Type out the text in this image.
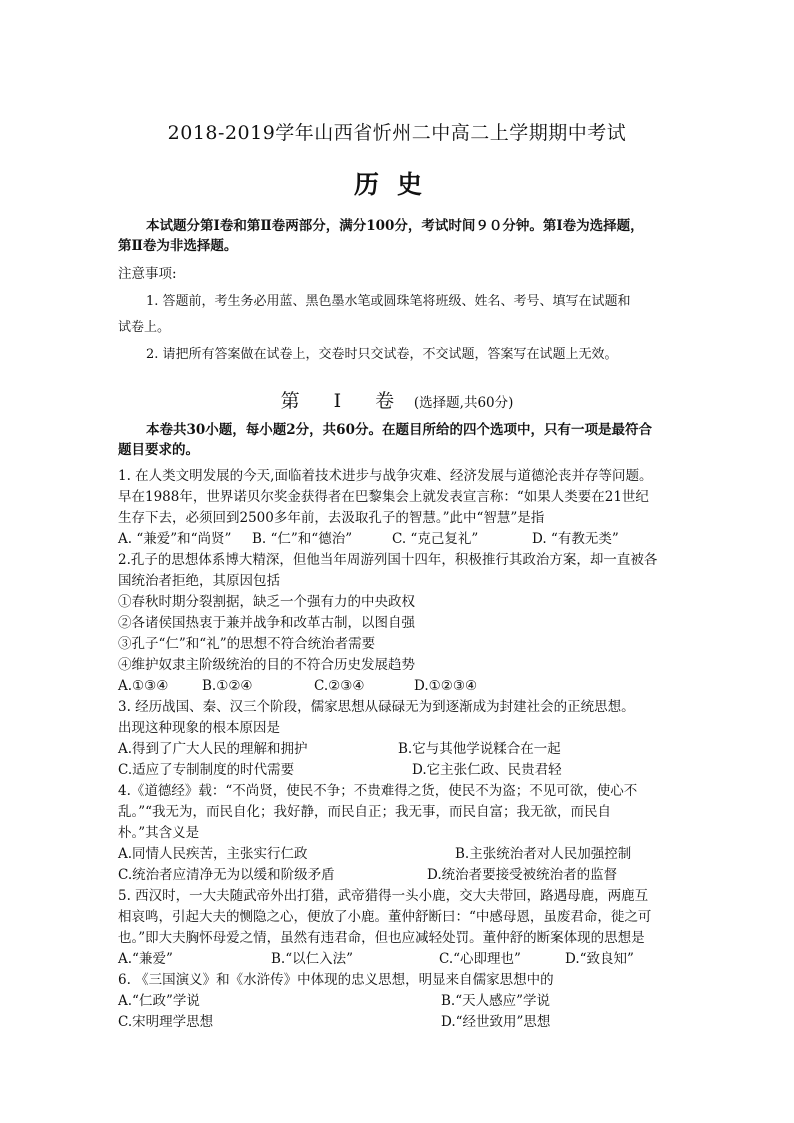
2018-2019学年山西省忻州二中高二上学期期中考试
历史
本试题分第Ⅰ卷和第Ⅱ卷两部分，满分100分，考试时间９０分钟。第Ⅰ卷为选择题，
第Ⅱ卷为非选择题。
注意事项:
1. 答题前，考生务必用蓝、黑色墨水笔或圆珠笔将班级、姓名、考号、填写在试题和
试卷上。
2. 请把所有答案做在试卷上，交卷时只交试卷，不交试题，答案写在试题上无效。
第 Ⅰ 卷 (选择题,共60分)
本卷共30小题，每小题2分，共60分。在题目所给的四个选项中，只有一项是最符合
题目要求的。
1. 在人类文明发展的今天,面临着技术进步与战争灾难、经济发展与道德沦丧并存等问题。
早在1988年，世界诺贝尔奖金获得者在巴黎集会上就发表宣言称：“如果人类要在21世纪
生存下去，必须回到2500多年前，去汲取孔子的智慧。”此中“智慧”是指
A. “兼爱”和“尚贤” B. “仁”和“德治”	C. “克己复礼”	D. “有教无类”
2.孔子的思想体系博大精深，但他当年周游列国十四年，积极推行其政治方案，却一直被各
国统治者拒绝，其原因包括
①春秋时期分裂割据，缺乏一个强有力的中央政权
②各诸侯国热衷于兼并战争和改革古制，以图自强
③孔子“仁”和“礼”的思想不符合统治者需要
④维护奴隶主阶级统治的目的不符合历史发展趋势
A.①③④ B.①②④	C.②③④	D.①②③④
3. 经历战国、秦、汉三个阶段，儒家思想从碌碌无为到逐渐成为封建社会的正统思想。
出现这种现象的根本原因是
A.得到了广大人民的理解和拥护	B.它与其他学说糅合在一起
C.适应了专制制度的时代需要	D.它主张仁政、民贵君轻
4.《道德经》载：“不尚贤，使民不争；不贵难得之货，使民不为盗；不见可欲，使心不
乱。”“我无为，而民自化；我好静，而民自正；我无事，而民自富；我无欲，而民自
朴。”其含义是
A.同情人民疾苦，主张实行仁政	B.主张统治者对人民加强控制
C.统治者应清净无为以缓和阶级矛盾	D.统治者要接受被统治者的监督
5. 西汉时，一大夫随武帝外出打猎，武帝猎得一头小鹿，交大夫带回，路遇母鹿，两鹿互
相哀鸣，引起大夫的恻隐之心，便放了小鹿。董仲舒断曰：“中感母恩，虽废君命，徙之可
也。”即大夫胸怀母爱之情，虽然有违君命，但也应减轻处罚。董仲舒的断案体现的思想是
A.“兼爱”	B.“以仁入法”	C.“心即理也”	D.“致良知”
6. 《三国演义》和《水浒传》中体现的忠义思想，明显来自儒家思想中的
A.“仁政”学说	B.“天人感应”学说
C.宋明理学思想	D.“经世致用”思想
